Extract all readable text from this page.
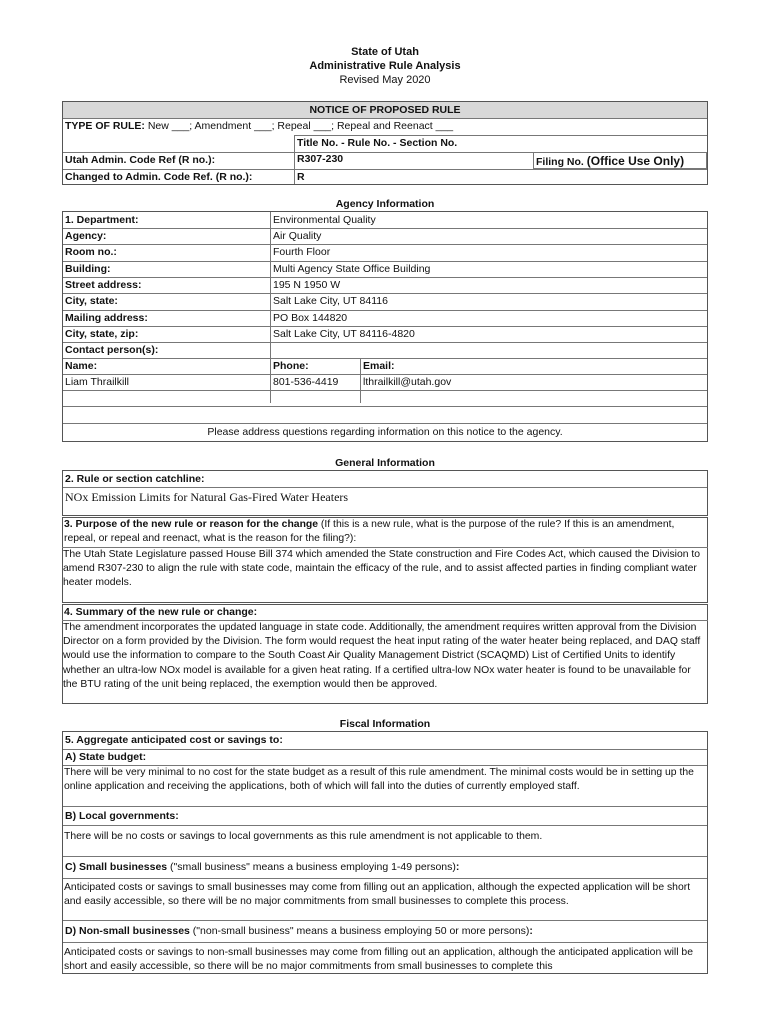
State of Utah
Administrative Rule Analysis
Revised May 2020
NOTICE OF PROPOSED RULE
TYPE OF RULE: New ___; Amendment ___; Repeal ___; Repeal and Reenact ___
Title No. - Rule No. - Section No.
Utah Admin. Code Ref (R no.):	R307-230	Filing No. (Office Use Only)
Changed to Admin. Code Ref. (R no.):	R
Agency Information
1. Department:	Environmental Quality
Agency:	Air Quality
Room no.:	Fourth Floor
Building:	Multi Agency State Office Building
Street address:	195 N 1950 W
City, state:	Salt Lake City, UT 84116
Mailing address:	PO Box 144820
City, state, zip:	Salt Lake City, UT 84116-4820
Contact person(s):
Name:	Phone:	Email:
Liam Thrailkill	801-536-4419 lthrailkill@utah.gov
Please address questions regarding information on this notice to the agency.
General Information
2. Rule or section catchline:
NOx Emission Limits for Natural Gas-Fired Water Heaters
3. Purpose of the new rule or reason for the change (If this is a new rule, what is the purpose of the rule? If this is an amendment, repeal, or repeal and reenact, what is the reason for the filing?):
The Utah State Legislature passed House Bill 374 which amended the State construction and Fire Codes Act, which caused the Division to amend R307-230 to align the rule with state code, maintain the efficacy of the rule, and to assist affected parties in finding compliant water heater models.
4. Summary of the new rule or change:
The amendment incorporates the updated language in state code. Additionally, the amendment requires written approval from the Division Director on a form provided by the Division. The form would request the heat input rating of the water heater being replaced, and DAQ staff would use the information to compare to the South Coast Air Quality Management District (SCAQMD) List of Certified Units to identify whether an ultra-low NOx model is available for a given heat rating. If a certified ultra-low NOx water heater is found to be unavailable for the BTU rating of the unit being replaced, the exemption would then be approved.
Fiscal Information
5. Aggregate anticipated cost or savings to:
A) State budget:
There will be very minimal to no cost for the state budget as a result of this rule amendment. The minimal costs would be in setting up the online application and receiving the applications, both of which will fall into the duties of currently employed staff.
B) Local governments:
There will be no costs or savings to local governments as this rule amendment is not applicable to them.
C) Small businesses ("small business" means a business employing 1-49 persons):
Anticipated costs or savings to small businesses may come from filling out an application, although the expected application will be short and easily accessible, so there will be no major commitments from small businesses to complete this process.
D) Non-small businesses ("non-small business" means a business employing 50 or more persons):
Anticipated costs or savings to non-small businesses may come from filling out an application, although the anticipated application will be short and easily accessible, so there will be no major commitments from small businesses to complete this
